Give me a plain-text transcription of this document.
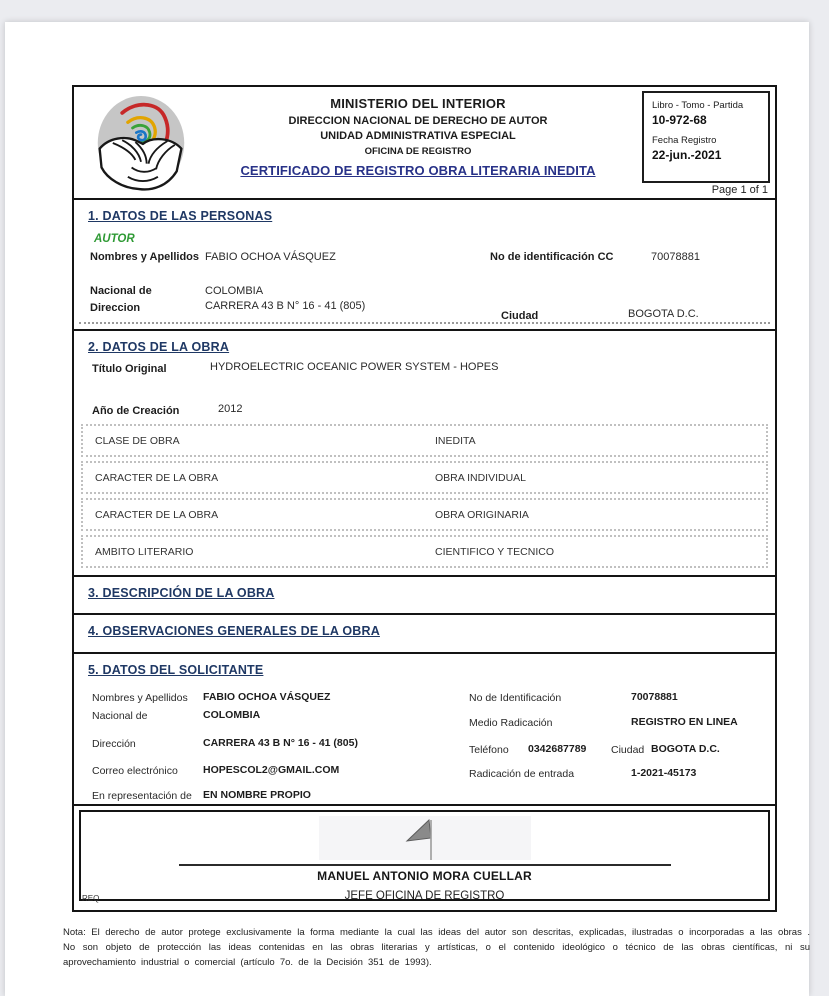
MINISTERIO DEL INTERIOR
DIRECCION NACIONAL DE DERECHO DE AUTOR
UNIDAD ADMINISTRATIVA ESPECIAL
OFICINA DE REGISTRO
CERTIFICADO DE REGISTRO OBRA LITERARIA INEDITA
Libro - Tomo - Partida
10-972-68
Fecha Registro
22-jun.-2021
Page 1 of 1
1. DATOS DE LAS PERSONAS
AUTOR
Nombres y Apellidos FABIO OCHOA VÁSQUEZ	No de identificación CC	70078881
Nacional de	COLOMBIA
Direccion	CARRERA 43 B N° 16 - 41 (805)
Ciudad	BOGOTA D.C.
2. DATOS DE LA OBRA
Título Original	HYDROELECTRIC OCEANIC POWER SYSTEM - HOPES
Año de Creación	2012
CLASE DE OBRA	INEDITA
CARACTER DE LA OBRA	OBRA INDIVIDUAL
CARACTER DE LA OBRA	OBRA ORIGINARIA
AMBITO LITERARIO	CIENTIFICO Y TECNICO
3. DESCRIPCIÓN DE LA OBRA
4. OBSERVACIONES GENERALES DE LA OBRA
5. DATOS DEL SOLICITANTE
Nombres y Apellidos FABIO OCHOA VÁSQUEZ
Nacional de	COLOMBIA
Dirección	CARRERA 43 B N° 16 - 41 (805)
Correo electrónico HOPESCOL2@GMAIL.COM
En representación de EN NOMBRE PROPIO
No de Identificación	70078881
Medio Radicación	REGISTRO EN LINEA
Teléfono 0342687789 Ciudad BOGOTA D.C.
Radicación de entrada	1-2021-45173
MANUEL ANTONIO MORA CUELLAR
JEFE OFICINA DE REGISTRO
REQ
Nota: El derecho de autor protege exclusivamente la forma mediante la cual las ideas del autor son descritas, explicadas, ilustradas o incorporadas a las obras . No son objeto de protección las ideas contenidas en las obras literarias y artísticas, o el contenido ideológico o técnico de las obras científicas, ni su aprovechamiento industrial o comercial (artículo 7o. de la Decisión 351 de 1993).
